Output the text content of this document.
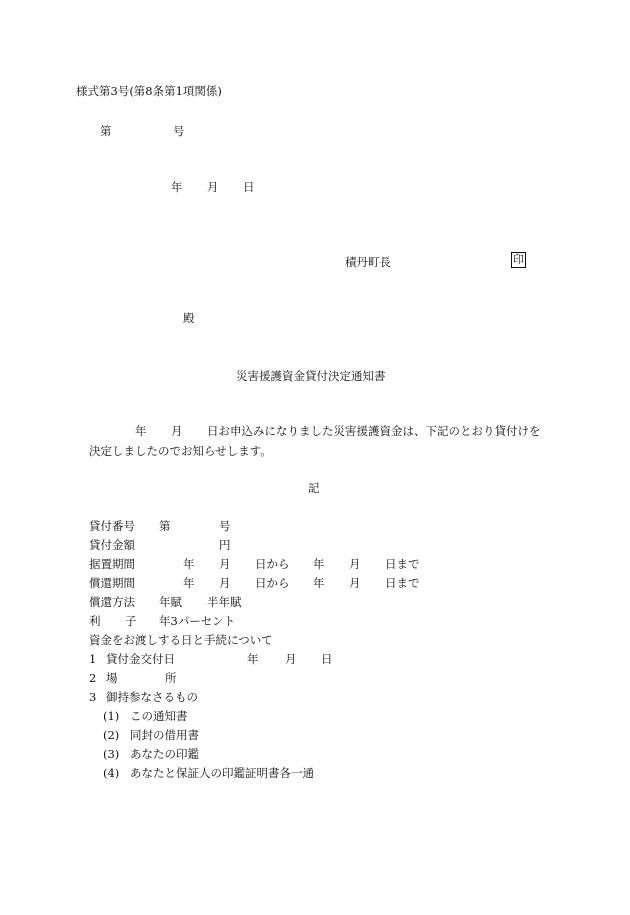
様式第3号(第8条第1項関係)
第	号
年 月 日
積丹町長	印
殿
災害援護資金貸付決定通知書
年 月 日お申込みになりました災害援護資金は、下記のとおり貸付けを
決定しましたのでお知らせします。
記
貸付番号 第	号
貸付金額	円
据置期間	年 月 日から 年 月 日まで
償還期間	年 月 日から 年 月 日まで
償還方法 年賦 半年賦
利 子 年3パーセント
資金をお渡しする日と手続について
1 貸付金交付日	年 月 日
2 場	所
3 御持参なさるもの
(1) この通知書
(2) 同封の借用書
(3) あなたの印鑑
(4) あなたと保証人の印鑑証明書各一通
